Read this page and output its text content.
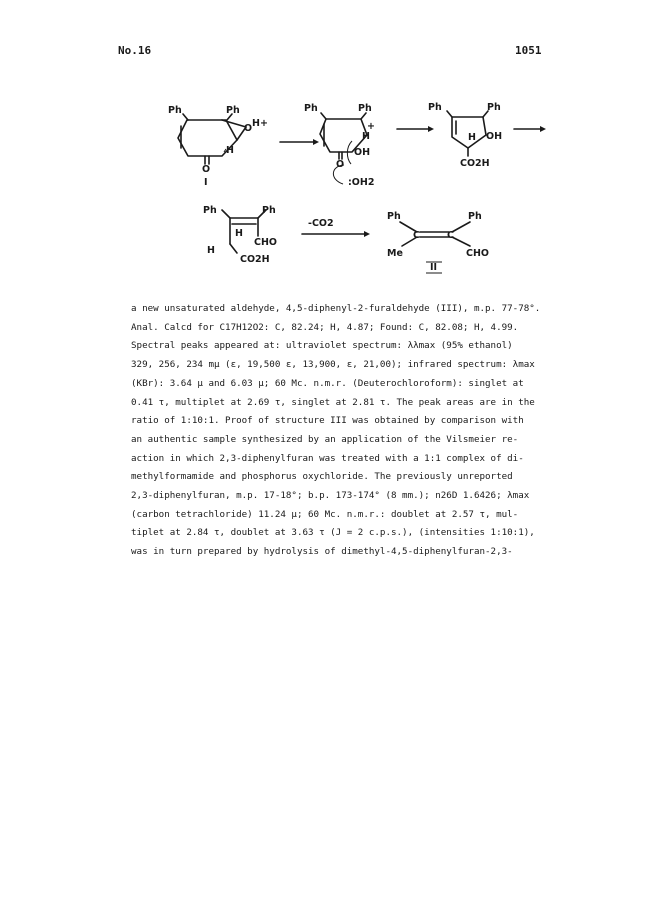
No.16	1051
Ph	Ph
O H+
H
O
I
Ph	Ph
+
H
OH
O
:OH2
Ph	Ph
H OH
CO2H
Ph	Ph
H
CHO
H
CO2H
-CO2
Ph	Ph
C	C
Me	CHO
II
a new unsaturated aldehyde, 4,5-diphenyl-2-furaldehyde (III), m.p. 77-78°.
Anal. Calcd for C17H12O2: C, 82.24; H, 4.87; Found: C, 82.08; H, 4.99.
Spectral peaks appeared at: ultraviolet spectrum: λλmax (95% ethanol)
329, 256, 234 mμ (ε, 19,500 ε, 13,900, ε, 21,00); infrared spectrum: λmax
(KBr): 3.64 μ and 6.03 μ; 60 Mc. n.m.r. (Deuterochloroform): singlet at
0.41 τ, multiplet at 2.69 τ, singlet at 2.81 τ. The peak areas are in the
ratio of 1:10:1. Proof of structure III was obtained by comparison with
an authentic sample synthesized by an application of the Vilsmeier re-
action in which 2,3-diphenylfuran was treated with a 1:1 complex of di-
methylformamide and phosphorus oxychloride. The previously unreported
2,3-diphenylfuran, m.p. 17-18°; b.p. 173-174° (8 mm.); n26D 1.6426; λmax
(carbon tetrachloride) 11.24 μ; 60 Mc. n.m.r.: doublet at 2.57 τ, mul-
tiplet at 2.84 τ, doublet at 3.63 τ (J = 2 c.p.s.), (intensities 1:10:1),
was in turn prepared by hydrolysis of dimethyl-4,5-diphenylfuran-2,3-
